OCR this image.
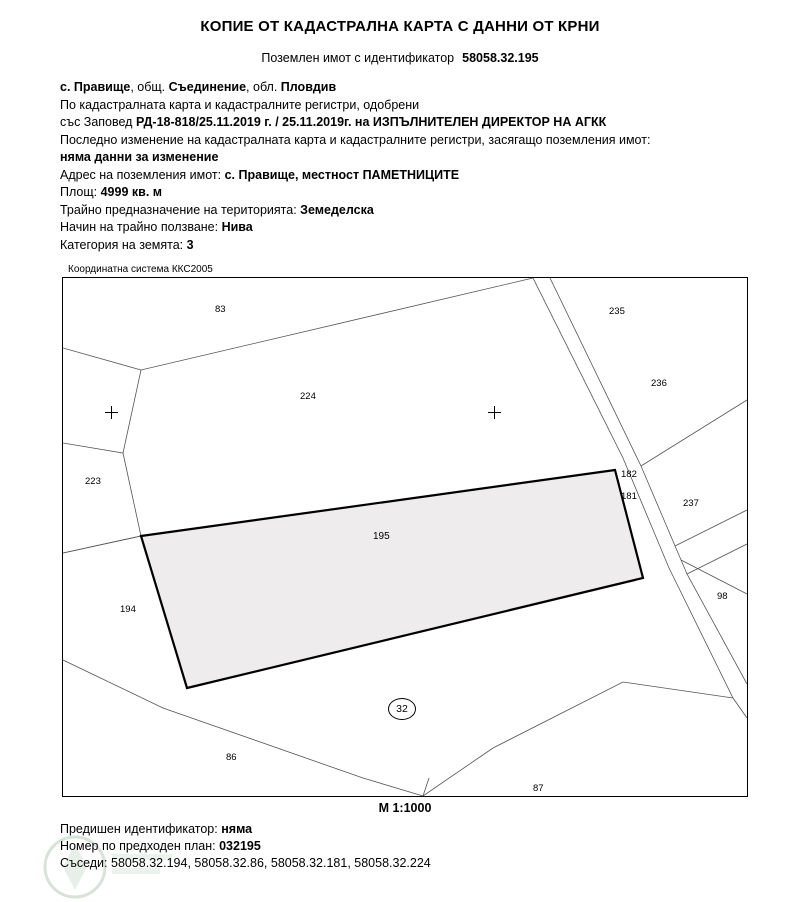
КОПИЕ ОТ КАДАСТРАЛНА КАРТА С ДАННИ ОТ КРНИ
Поземлен имот с идентификатор 58058.32.195
с. Правище, общ. Съединение, обл. Пловдив
По кадастралната карта и кадастралните регистри, одобрени
със Заповед РД-18-818/25.11.2019 г. / 25.11.2019г. на ИЗПЪЛНИТЕЛЕН ДИРЕКТОР НА АГКК
Последно изменение на кадастралната карта и кадастралните регистри, засягащо поземления имот:
няма данни за изменение
Адрес на поземления имот: с. Правище, местност ПАМЕТНИЦИТЕ
Площ: 4999 кв. м
Трайно предназначение на територията: Земеделска
Начин на трайно ползване: Нива
Категория на земята: 3
Координатна система ККС2005
195
32
83	235
236
224
223
237
182
181
98
194
86
87
М 1:1000
Предишен идентификатор: няма
Номер по предходен план: 032195
Съседи: 58058.32.194, 58058.32.86, 58058.32.181, 58058.32.224
